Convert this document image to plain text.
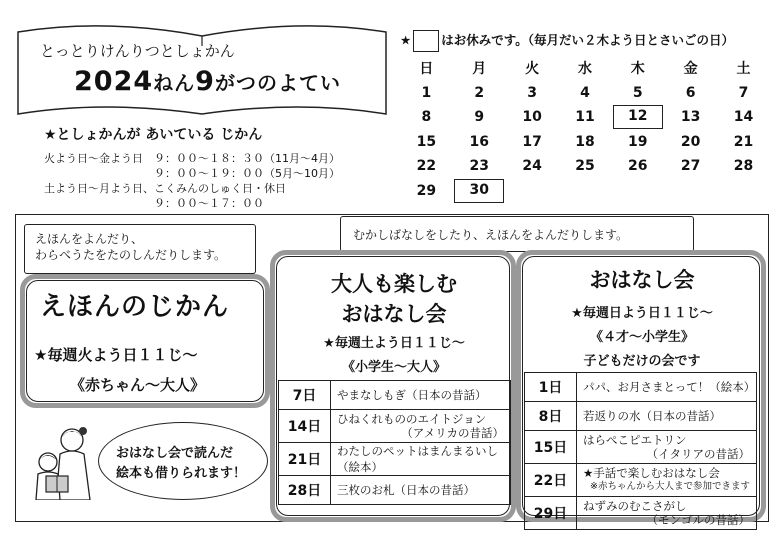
とっとりけんりつとしょかん
2024ねん9がつのよてい
★としょかんが あいている じかん
火よう日～金よう日　９：００～１８：３０（11月～4月）
　　　　　　　　　　９：００～１９：００（5月～10月）
土よう日～月よう日、こくみんのしゅく日・休日
　　　　　　　　　　９：００～１７：００
★ はお休みです。（毎月だい２木よう日とさいごの日）
日	月	火	水	木	金	土
1	2	3	4	5	6	7
8	9	10	11	12	13	14
15	16	17	18	19	20	21
22	23	24	25	26	27	28
29	30					
えほんをよんだり、
わらべうたをたのしんだりします。
えほんのじかん
★毎週火よう日１１じ～
《赤ちゃん～大人》
おはなし会で読んだ
絵本も借りられます！
むかしばなしをしたり、えほんをよんだりします。
大人も楽しむ
おはなし会
★毎週土よう日１１じ～
《小学生～大人》
7日	やまなしもぎ（日本の昔話）

14日	ひねくれもののエイトジョン
（アメリカの昔話）

21日	わたしのペットはまんまるいし（絵本）

28日	三枚のお札（日本の昔話）
おはなし会
★毎週日よう日１１じ～
《４才～小学生》
子どもだけの会です
1日	パパ、お月さまとって！（絵本）

8日	若返りの水（日本の昔話）

15日	はらぺこピエトリン
（イタリアの昔話）

22日	★手話で楽しむおはなし会
※赤ちゃんから大人まで参加できます

29日	ねずみのむこさがし
（モンゴルの昔話）
